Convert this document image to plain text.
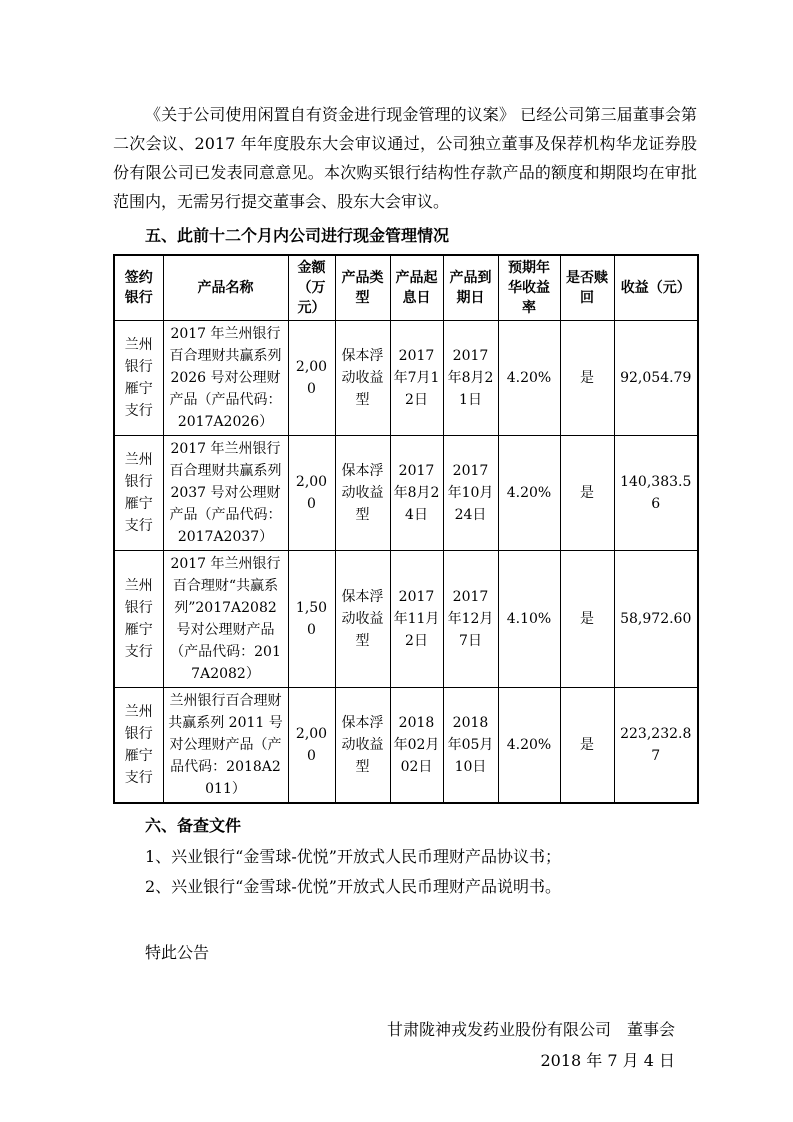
《关于公司使用闲置自有资金进行现金管理的议案》 已经公司第三届董事会第二次会议、2017 年年度股东大会审议通过，公司独立董事及保荐机构华龙证券股份有限公司已发表同意意见。本次购买银行结构性存款产品的额度和期限均在审批范围内，无需另行提交董事会、股东大会审议。

五、此前十二个月内公司进行现金管理情况
签约银行	产品名称	金额（万元）	产品类型	产品起息日	产品到期日	预期年华收益率	是否赎回	收益（元）
兰州银行雁宁支行	2017 年兰州银行百合理财共赢系列 2026 号对公理财产品（产品代码：2017A2026）	2,000	保本浮动收益型	2017年7月12日	2017年8月21日	4.20%	是	92,054.79
兰州银行雁宁支行	2017 年兰州银行百合理财共赢系列 2037 号对公理财产品（产品代码：2017A2037）	2,000	保本浮动收益型	2017年8月24日	2017年10月24日	4.20%	是	140,383.56
兰州银行雁宁支行	2017 年兰州银行百合理财“共赢系列”2017A2082 号对公理财产品（产品代码：2017A2082）	1,500	保本浮动收益型	2017年11月2日	2017年12月7日	4.10%	是	58,972.60
兰州银行雁宁支行	兰州银行百合理财共赢系列 2011 号对公理财产品（产品代码：2018A2011）	2,000	保本浮动收益型	2018年02月02日	2018年05月10日	4.20%	是	223,232.87
六、备查文件

1、兴业银行“金雪球-优悦”开放式人民币理财产品协议书；

2、兴业银行“金雪球-优悦”开放式人民币理财产品说明书。

特此公告

甘肃陇神戎发药业股份有限公司　董事会

2018 年 7 月 4 日
